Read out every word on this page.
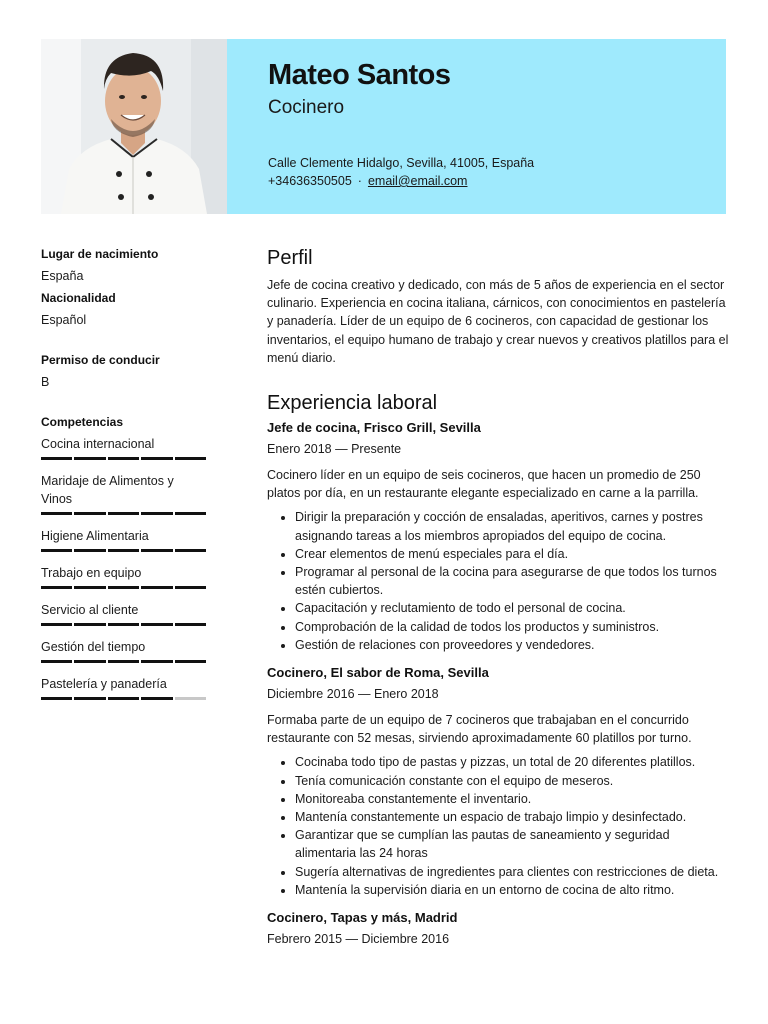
Mateo Santos
Cocinero
Calle Clemente Hidalgo, Sevilla, 41005, España
+34636350505 · email@email.com
Lugar de nacimiento
España
Nacionalidad
Español
Permiso de conducir
B
Competencias
Cocina internacional
Maridaje de Alimentos y Vinos
Higiene Alimentaria
Trabajo en equipo
Servicio al cliente
Gestión del tiempo
Pastelería y panadería
Perfil

Jefe de cocina creativo y dedicado, con más de 5 años de experiencia en el sector culinario. Experiencia en cocina italiana, cárnicos, con conocimientos en pastelería y panadería. Líder de un equipo de 6 cocineros, con capacidad de gestionar los inventarios, el equipo humano de trabajo y crear nuevos y creativos platillos para el menú diario.

Experiencia laboral
Jefe de cocina, Frisco Grill, Sevilla
Enero 2018 — Presente

Cocinero líder en un equipo de seis cocineros, que hacen un promedio de 250 platos por día, en un restaurante elegante especializado en carne a la parrilla.

• Dirigir la preparación y cocción de ensaladas, aperitivos, carnes y postres asignando tareas a los miembros apropiados del equipo de cocina.
• Crear elementos de menú especiales para el día.
• Programar al personal de la cocina para asegurarse de que todos los turnos estén cubiertos.
• Capacitación y reclutamiento de todo el personal de cocina.
• Comprobación de la calidad de todos los productos y suministros.
• Gestión de relaciones con proveedores y vendedores.
Cocinero, El sabor de Roma, Sevilla
Diciembre 2016 — Enero 2018

Formaba parte de un equipo de 7 cocineros que trabajaban en el concurrido restaurante con 52 mesas, sirviendo aproximadamente 60 platillos por turno.

• Cocinaba todo tipo de pastas y pizzas, un total de 20 diferentes platillos.
• Tenía comunicación constante con el equipo de meseros.
• Monitoreaba constantemente el inventario.
• Mantenía constantemente un espacio de trabajo limpio y desinfectado.
• Garantizar que se cumplían las pautas de saneamiento y seguridad alimentaria las 24 horas
• Sugería alternativas de ingredientes para clientes con restricciones de dieta.
• Mantenía la supervisión diaria en un entorno de cocina de alto ritmo.
Cocinero, Tapas y más, Madrid
Febrero 2015 — Diciembre 2016
